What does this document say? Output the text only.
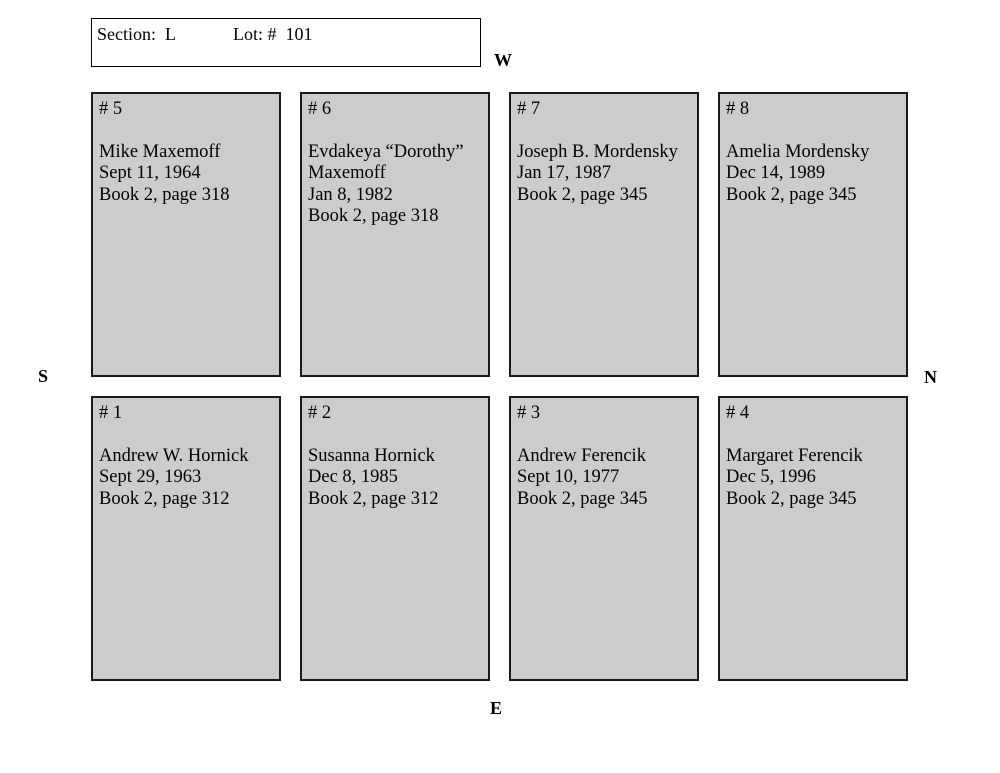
Section:  L	Lot: #  101
W
S	N
E
# 5
Mike Maxemoff
Sept 11, 1964
Book 2, page 318
# 6
Evdakeya “Dorothy”
Maxemoff
Jan 8, 1982
Book 2, page 318
# 7
Joseph B. Mordensky
Jan 17, 1987
Book 2, page 345
# 8
Amelia Mordensky
Dec 14, 1989
Book 2, page 345
# 1
Andrew W. Hornick
Sept 29, 1963
Book 2, page 312
# 2
Susanna Hornick
Dec 8, 1985
Book 2, page 312
# 3
Andrew Ferencik
Sept 10, 1977
Book 2, page 345
# 4
Margaret Ferencik
Dec 5, 1996
Book 2, page 345
